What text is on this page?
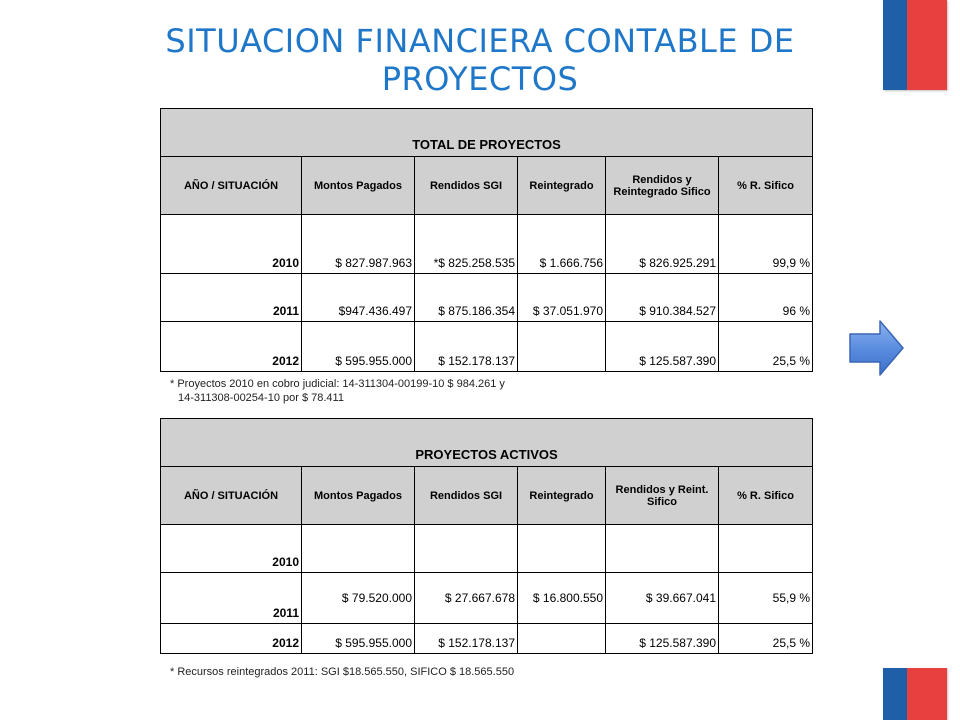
SITUACION FINANCIERA CONTABLE DE PROYECTOS
TOTAL DE PROYECTOS					
AÑO / SITUACIÓN	Montos Pagados	Rendidos SGI	Reintegrado	Rendidos y Reintegrado Sifico	% R. Sifico
2010	$ 827.987.963	*$ 825.258.535	$ 1.666.756	$ 826.925.291	99,9 %
2011	$947.436.497	$ 875.186.354	$ 37.051.970	$ 910.384.527	96 %
2012	$ 595.955.000	$ 152.178.137		$ 125.587.390	25,5 %
* Proyectos 2010 en cobro judicial: 14-311304-00199-10 $ 984.261 y
14-311308-00254-10 por $ 78.411
PROYECTOS ACTIVOS					
AÑO / SITUACIÓN	Montos Pagados	Rendidos SGI	Reintegrado	Rendidos y Reint. Sifico	% R. Sifico
2010					
2011	$ 79.520.000	$ 27.667.678	$ 16.800.550	$ 39.667.041	55,9 %
2012	$ 595.955.000	$ 152.178.137		$ 125.587.390	25,5 %
* Recursos reintegrados 2011: SGI $18.565.550, SIFICO $ 18.565.550
